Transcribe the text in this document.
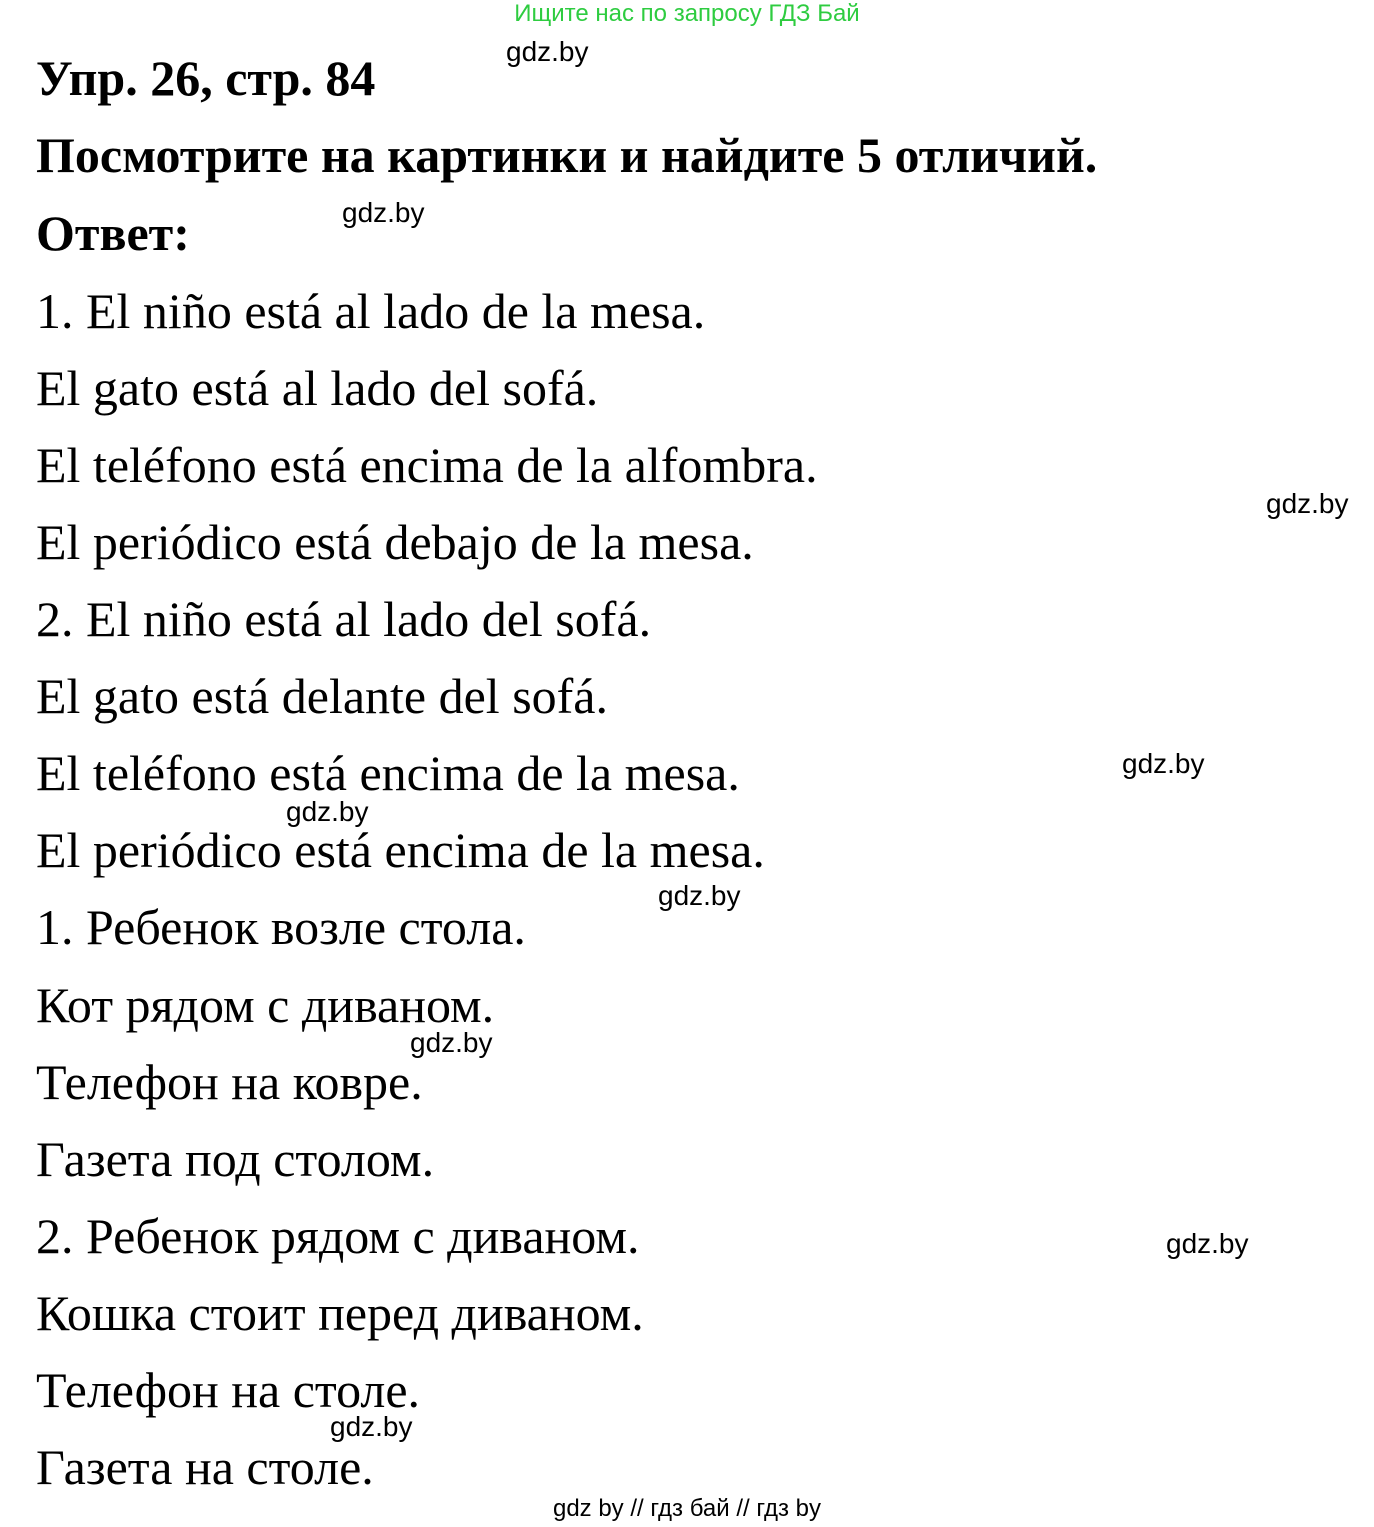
Ищите нас по запросу ГДЗ Бай
Упр. 26, стр. 84
Посмотрите на картинки и найдите 5 отличий.
Ответ:
1. El niño está al lado de la mesa.
El gato está al lado del sofá.
El teléfono está encima de la alfombra.
El periódico está debajo de la mesa.
2. El niño está al lado del sofá.
El gato está delante del sofá.
El teléfono está encima de la mesa.
El periódico está encima de la mesa.
1. Ребенок возле стола.
Кот рядом с диваном.
Телефон на ковре.
Газета под столом.
2. Ребенок рядом с диваном.
Кошка стоит перед диваном.
Телефон на столе.
Газета на столе.
gdz.by
gdz.by
gdz.by
gdz.by
gdz.by
gdz.by
gdz.by
gdz.by
gdz.by
gdz by // гдз бай // гдз by
